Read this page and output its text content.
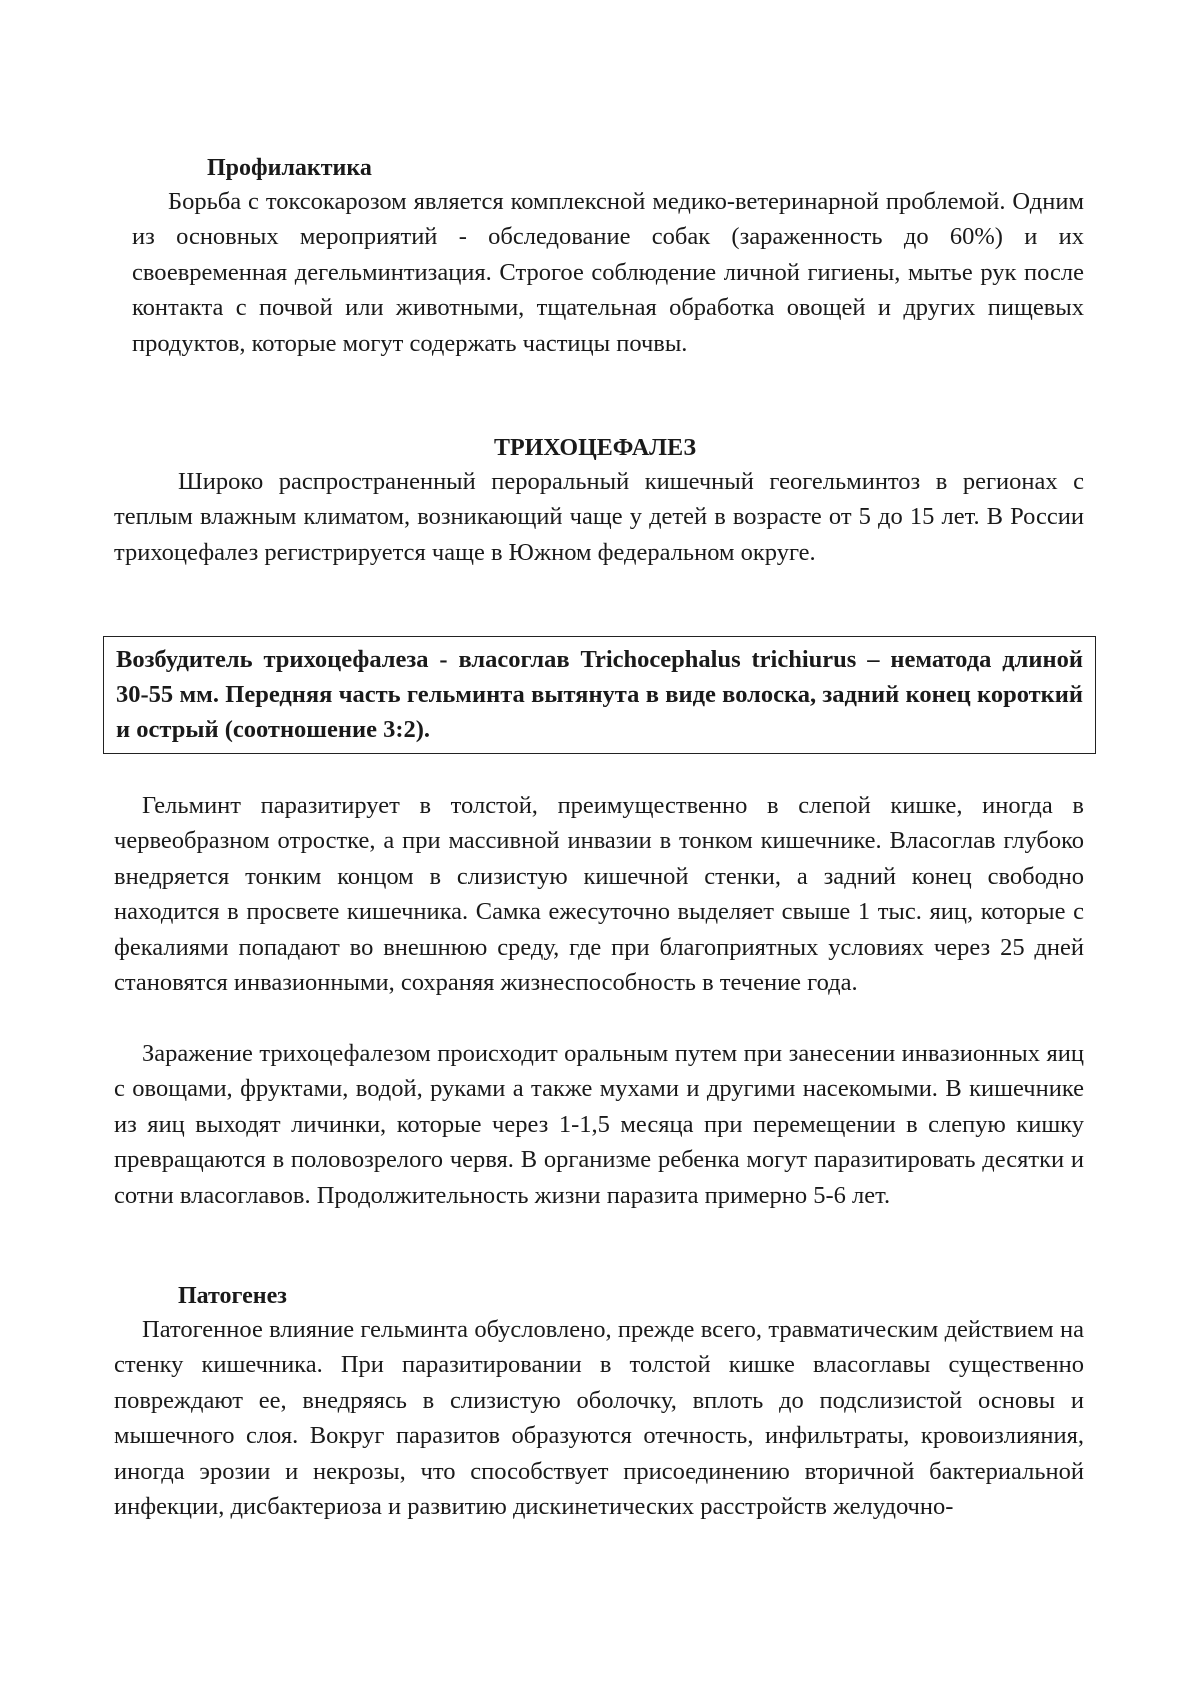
Профилактика

Борьба с токсокарозом является комплексной медико-ветеринарной проблемой. Одним из основных мероприятий - обследование собак (зараженность до 60%) и их своевременная дегельминтизация. Строгое соблюдение личной гигиены, мытье рук после контакта с почвой или животными, тщательная обработка овощей и других пищевых продуктов, которые могут содержать частицы почвы.

ТРИХОЦЕФАЛЕЗ

Широко распространенный пероральный кишечный геогельминтоз в регионах с теплым влажным климатом, возникающий чаще у детей в возрасте от 5 до 15 лет. В России трихоцефалез регистрируется чаще в Южном федеральном округе.

Возбудитель трихоцефалеза - власоглав Trichocephalus trichiurus – нематода длиной 30-55 мм. Передняя часть гельминта вытянута в виде волоска, задний конец короткий и острый (соотношение 3:2).

Гельминт паразитирует в толстой, преимущественно в слепой кишке, иногда в червеобразном отростке, а при массивной инвазии в тонком кишечнике. Власоглав глубоко внедряется тонким концом в слизистую кишечной стенки, а задний конец свободно находится в просвете кишечника. Самка ежесуточно выделяет свыше 1 тыс. яиц, которые с фекалиями попадают во внешнюю среду, где при благоприятных условиях через 25 дней становятся инвазионными, сохраняя жизнеспособность в течение года.

Заражение трихоцефалезом происходит оральным путем при занесении инвазионных яиц с овощами, фруктами, водой, руками а также мухами и другими насекомыми. В кишечнике из яиц выходят личинки, которые через 1-1,5 месяца при перемещении в слепую кишку превращаются в половозрелого червя. В организме ребенка могут паразитировать десятки и сотни власоглавов. Продолжительность жизни паразита примерно 5-6 лет.

Патогенез

Патогенное влияние гельминта обусловлено, прежде всего, травматическим действием на стенку кишечника. При паразитировании в толстой кишке власоглавы существенно повреждают ее, внедряясь в слизистую оболочку, вплоть до подслизистой основы и мышечного слоя. Вокруг паразитов образуются отечность, инфильтраты, кровоизлияния, иногда эрозии и некрозы, что способствует присоединению вторичной бактериальной инфекции, дисбактериоза и развитию дискинетических расстройств желудочно-
